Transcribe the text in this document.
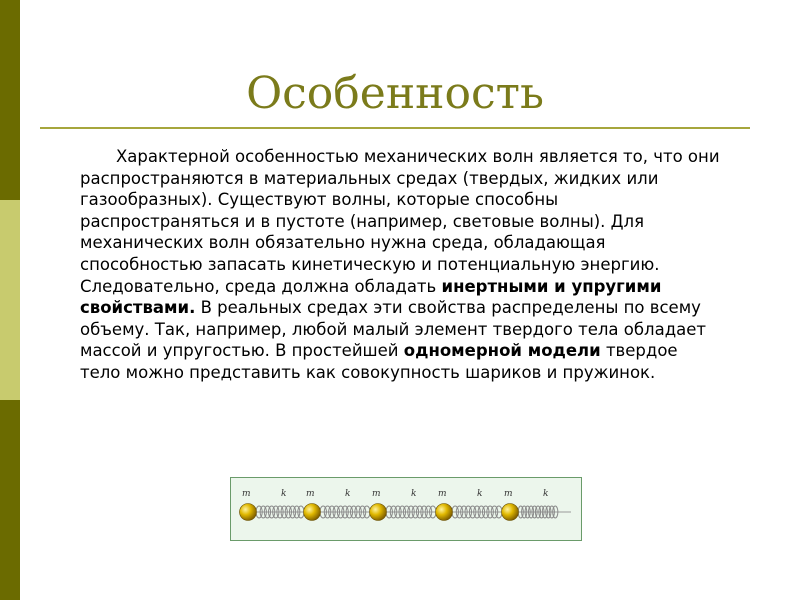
Особенность

Характерной особенностью механических волн является то, что они распространяются в материальных средах (твердых, жидких или газообразных). Существуют волны, которые способны распространяться и в пустоте (например, световые волны). Для механических волн обязательно нужна среда, обладающая способностью запасать кинетическую и потенциальную энергию. Следовательно, среда должна обладать инертными и упругими свойствами. В реальных средах эти свойства распределены по всему объему. Так, например, любой малый элемент твердого тела обладает массой и упругостью. В простейшей одномерной модели твердое тело можно представить как совокупность шариков и пружинок.

m	k m	k m	k m	k m	k
